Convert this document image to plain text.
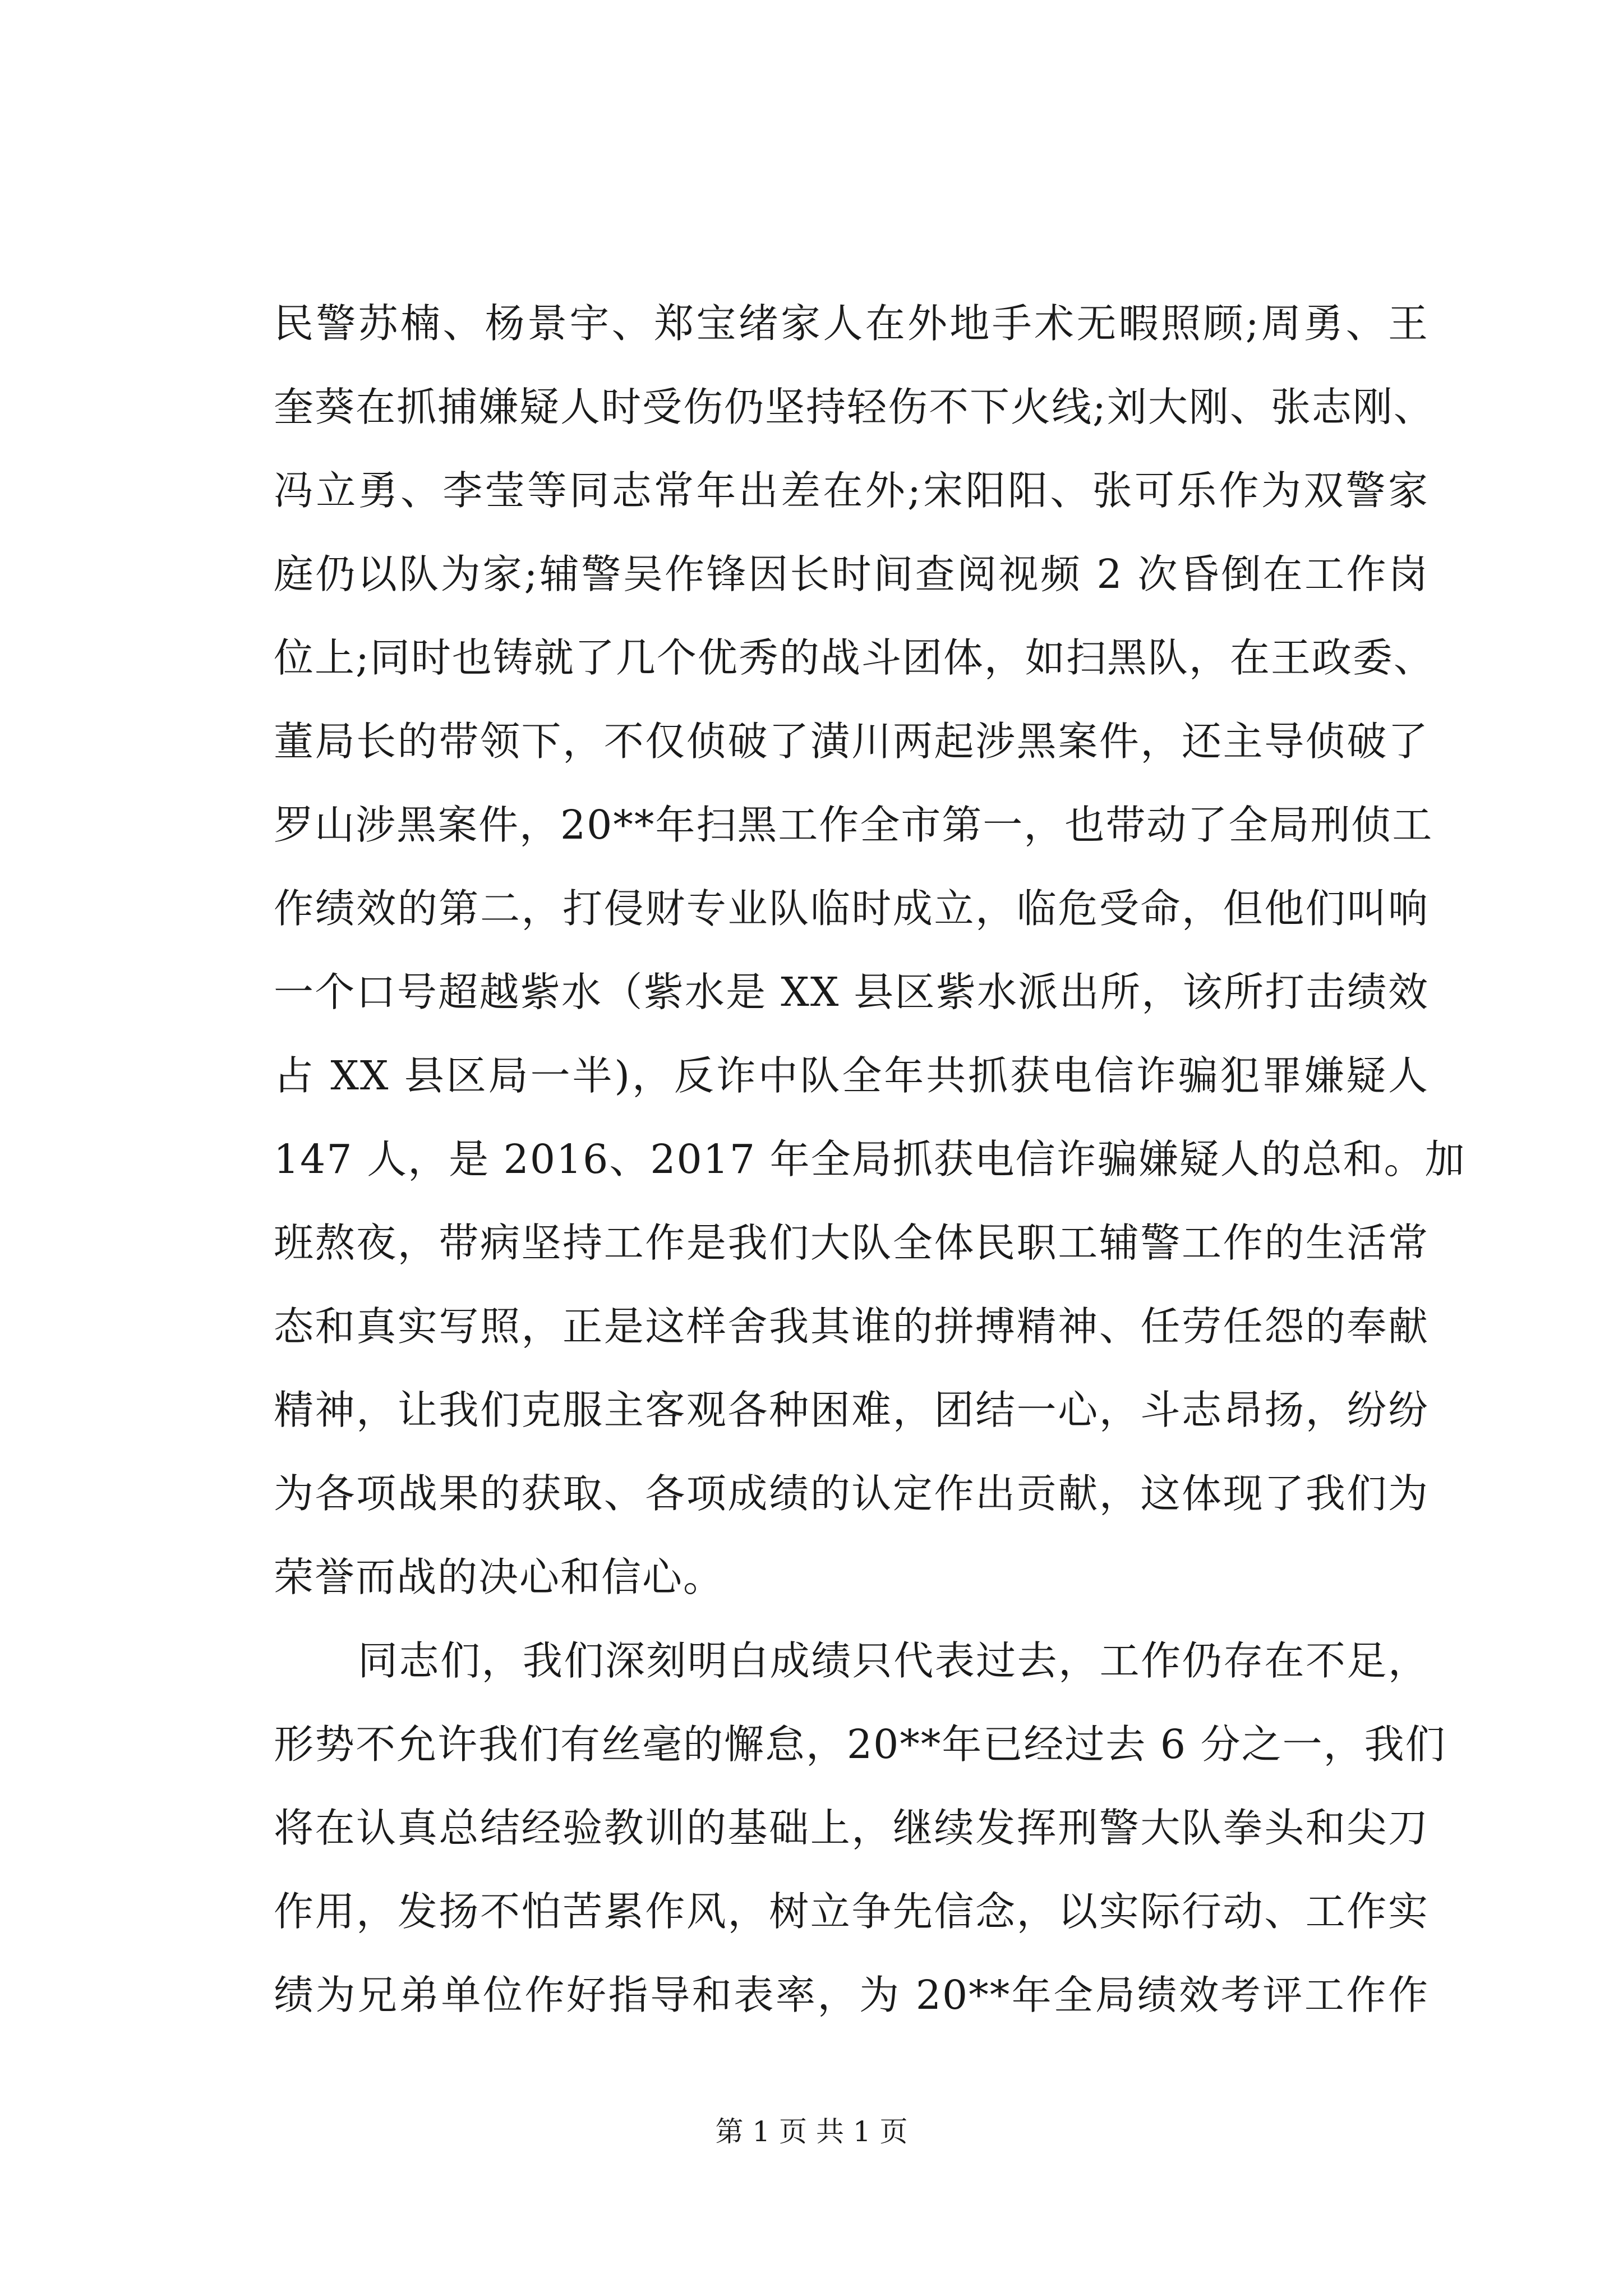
民警苏楠、杨景宇、郑宝绪家人在外地手术无暇照顾;周勇、王
奎葵在抓捕嫌疑人时受伤仍坚持轻伤不下火线;刘大刚、张志刚、
冯立勇、李莹等同志常年出差在外;宋阳阳、张可乐作为双警家
庭仍以队为家;辅警吴作锋因长时间查阅视频 2 次昏倒在工作岗
位上;同时也铸就了几个优秀的战斗团体，如扫黑队，在王政委、
董局长的带领下，不仅侦破了潢川两起涉黑案件，还主导侦破了
罗山涉黑案件，20**年扫黑工作全市第一，也带动了全局刑侦工
作绩效的第二，打侵财专业队临时成立，临危受命，但他们叫响
一个口号超越紫水（紫水是 XX 县区紫水派出所，该所打击绩效
占 XX 县区局一半)，反诈中队全年共抓获电信诈骗犯罪嫌疑人
147 人，是 2016、2017 年全局抓获电信诈骗嫌疑人的总和。加
班熬夜，带病坚持工作是我们大队全体民职工辅警工作的生活常
态和真实写照，正是这样舍我其谁的拼搏精神、任劳任怨的奉献
精神，让我们克服主客观各种困难，团结一心，斗志昂扬，纷纷
为各项战果的获取、各项成绩的认定作出贡献，这体现了我们为
荣誉而战的决心和信心。
同志们，我们深刻明白成绩只代表过去，工作仍存在不足，
形势不允许我们有丝毫的懈怠，20**年已经过去 6 分之一，我们
将在认真总结经验教训的基础上，继续发挥刑警大队拳头和尖刀
作用，发扬不怕苦累作风，树立争先信念，以实际行动、工作实
绩为兄弟单位作好指导和表率，为 20**年全局绩效考评工作作
第 1 页 共 1 页
